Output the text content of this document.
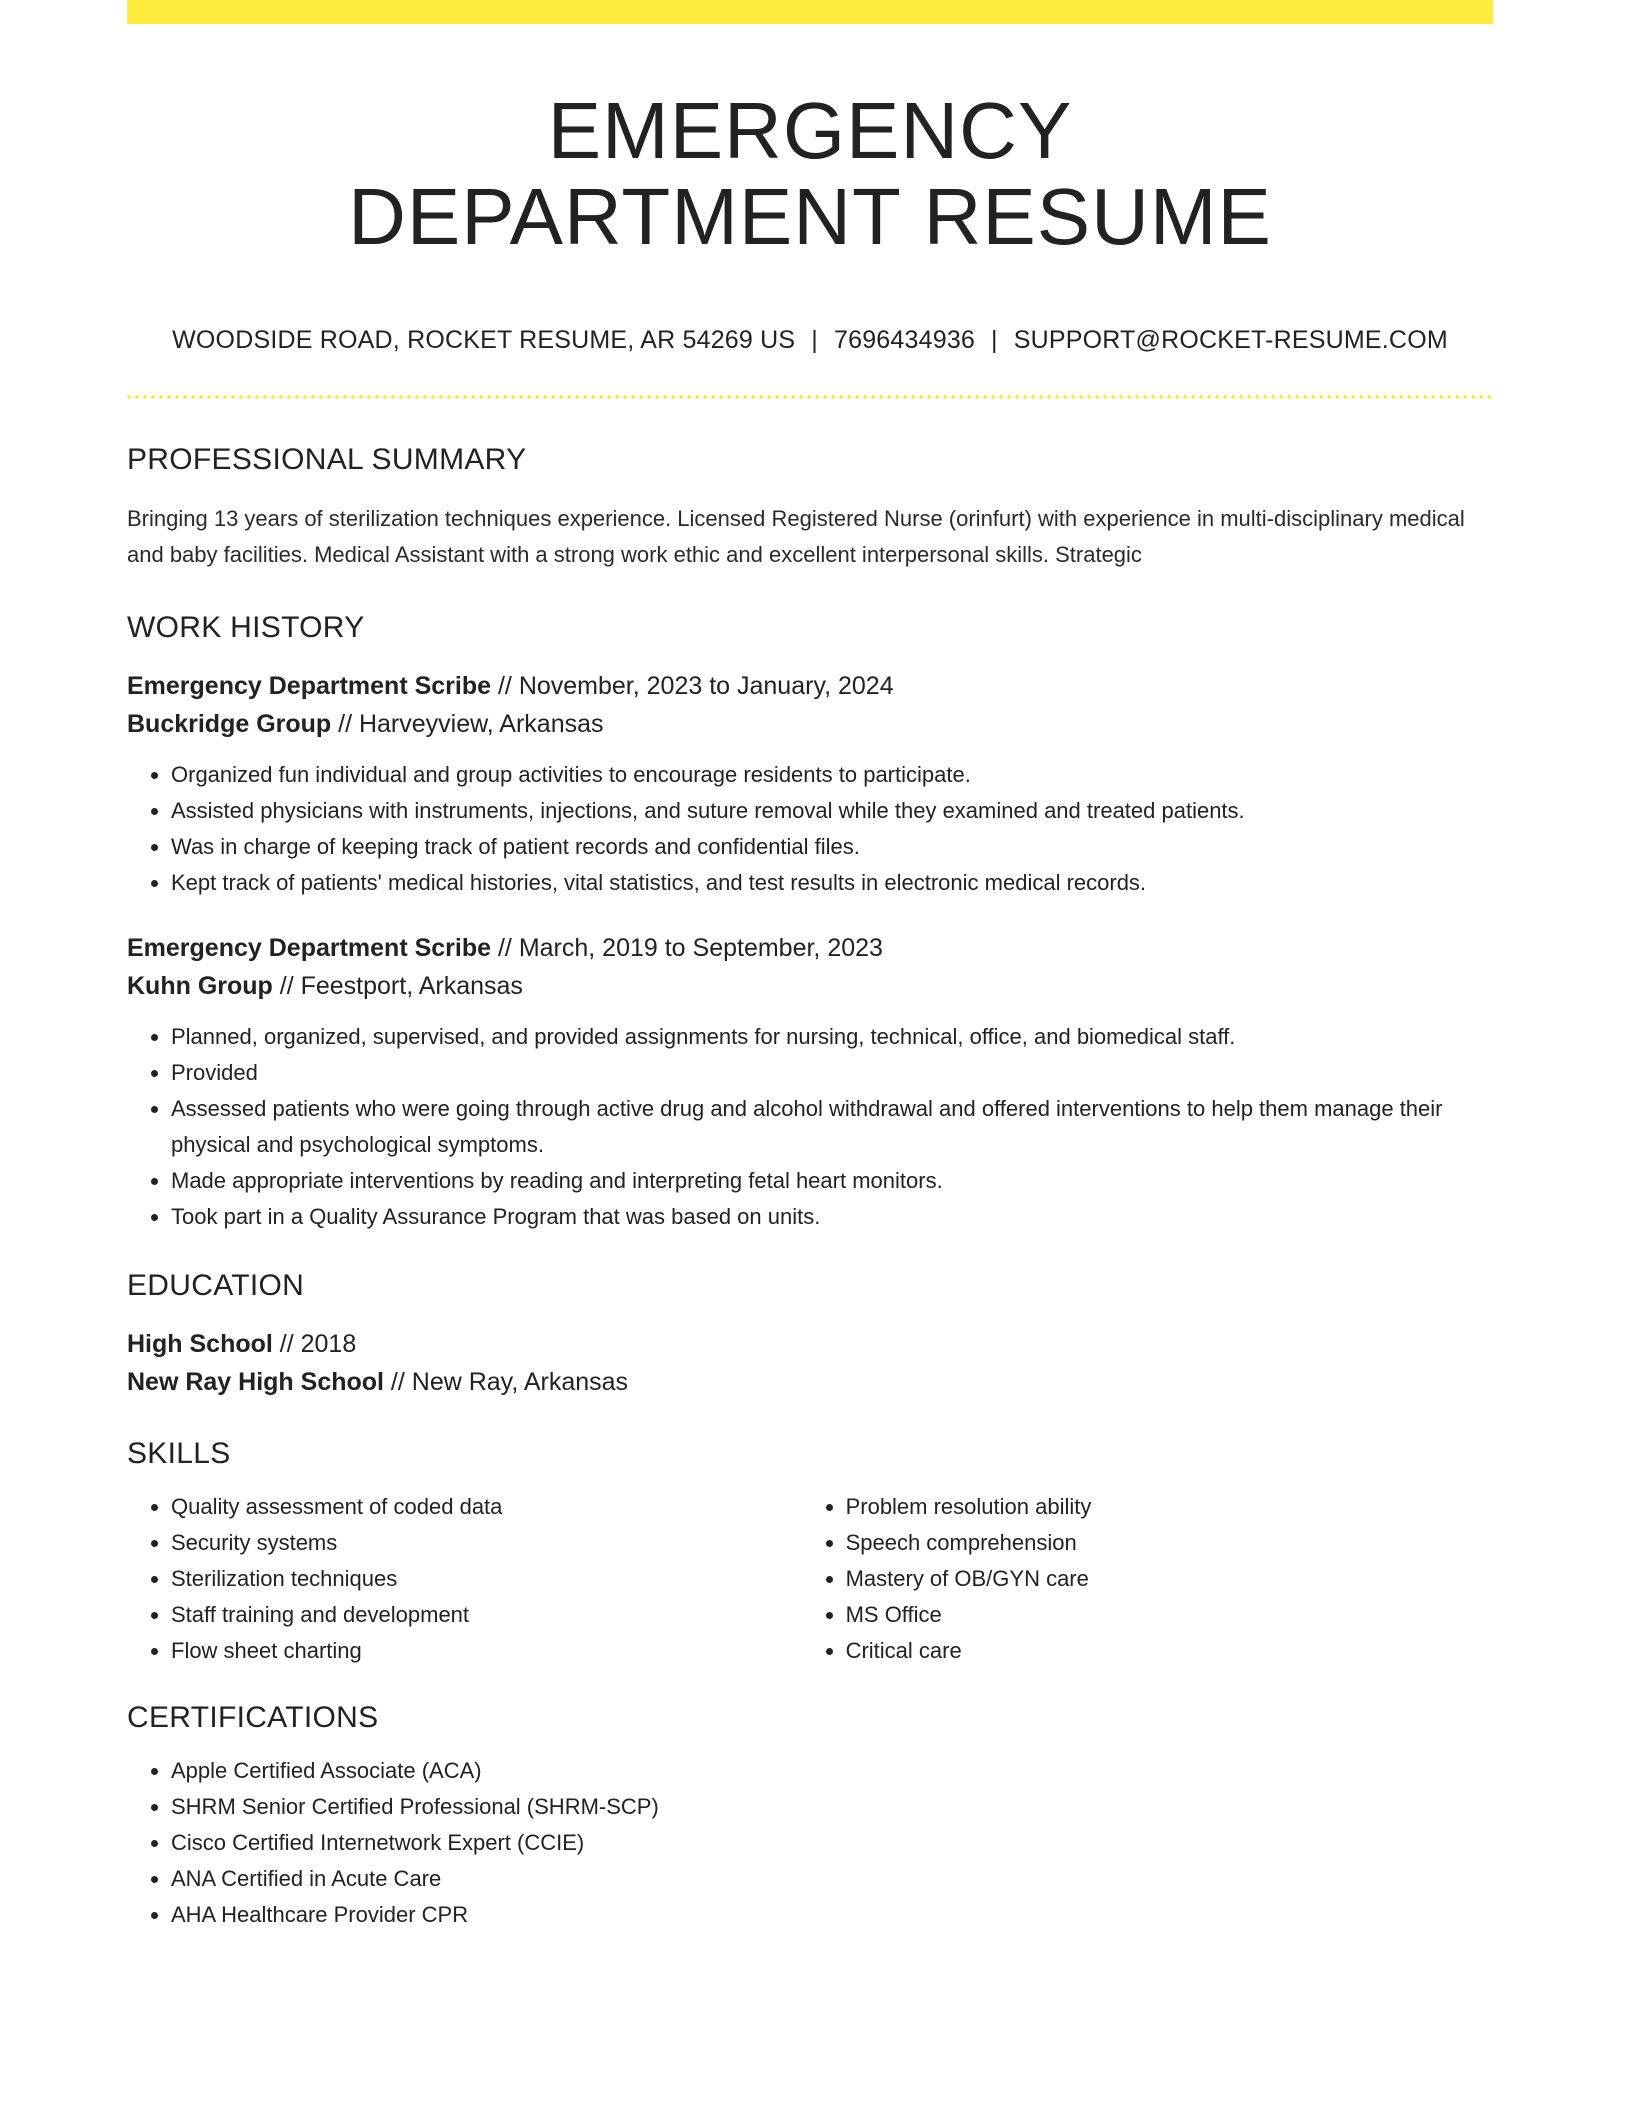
EMERGENCY
DEPARTMENT RESUME
WOODSIDE ROAD, ROCKET RESUME, AR 54269 US | 7696434936 | SUPPORT@ROCKET-RESUME.COM
PROFESSIONAL SUMMARY

Bringing 13 years of sterilization techniques experience. Licensed Registered Nurse (orinfurt) with experience in multi-disciplinary medical and baby facilities. Medical Assistant with a strong work ethic and excellent interpersonal skills. Strategic

WORK HISTORY
Emergency Department Scribe // November, 2023 to January, 2024
Buckridge Group // Harveyview, Arkansas
• Organized fun individual and group activities to encourage residents to participate.
• Assisted physicians with instruments, injections, and suture removal while they examined and treated patients.
• Was in charge of keeping track of patient records and confidential files.
• Kept track of patients' medical histories, vital statistics, and test results in electronic medical records.
Emergency Department Scribe // March, 2019 to September, 2023
Kuhn Group // Feestport, Arkansas
• Planned, organized, supervised, and provided assignments for nursing, technical, office, and biomedical staff.
• Provided
• Assessed patients who were going through active drug and alcohol withdrawal and offered interventions to help them manage their physical and psychological symptoms.
• Made appropriate interventions by reading and interpreting fetal heart monitors.
• Took part in a Quality Assurance Program that was based on units.
EDUCATION
High School // 2018
New Ray High School // New Ray, Arkansas
SKILLS
• Quality assessment of coded data
• Security systems
• Sterilization techniques
• Staff training and development
• Flow sheet charting
• Problem resolution ability
• Speech comprehension
• Mastery of OB/GYN care
• MS Office
• Critical care
CERTIFICATIONS
• Apple Certified Associate (ACA)
• SHRM Senior Certified Professional (SHRM-SCP)
• Cisco Certified Internetwork Expert (CCIE)
• ANA Certified in Acute Care
• AHA Healthcare Provider CPR
